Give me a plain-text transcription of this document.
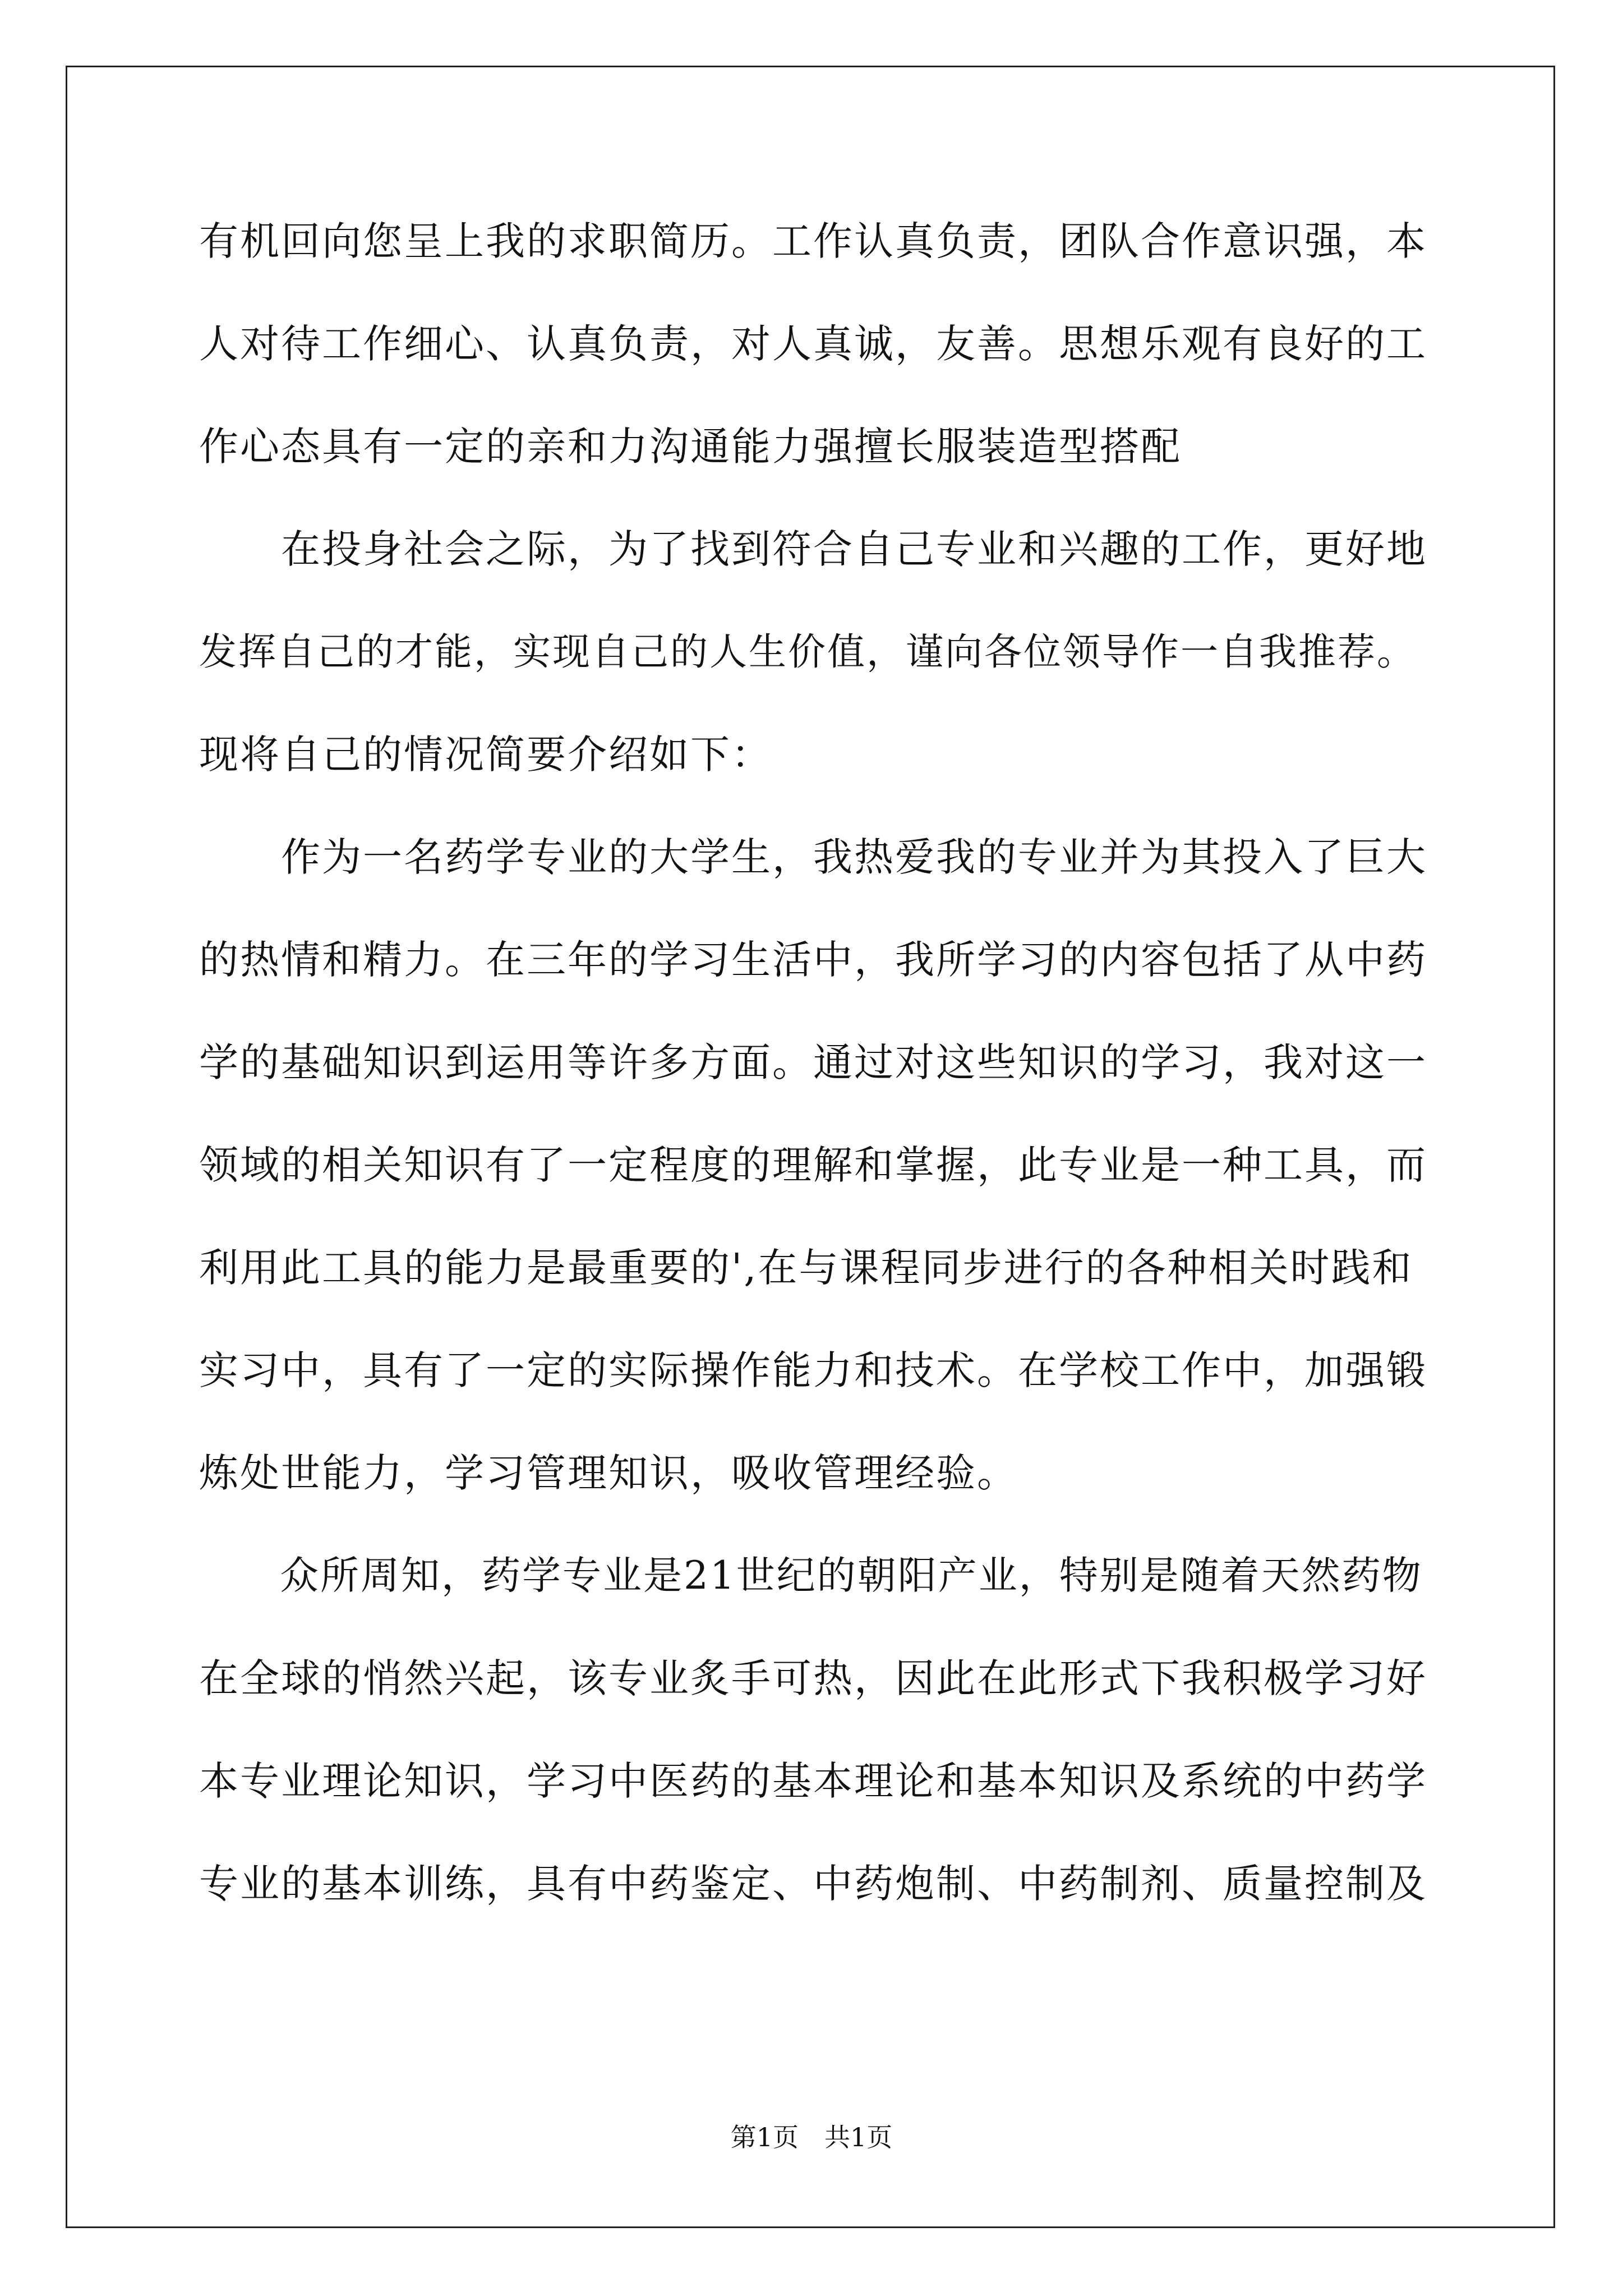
有机回向您呈上我的求职简历。工作认真负责，团队合作意识强，本
人对待工作细心、认真负责，对人真诚，友善。思想乐观有良好的工
作心态具有一定的亲和力沟通能力强擅长服装造型搭配
　　在投身社会之际，为了找到符合自己专业和兴趣的工作，更好地
发挥自己的才能，实现自己的人生价值，谨向各位领导作一自我推荐。
现将自己的情况简要介绍如下：
　　作为一名药学专业的大学生，我热爱我的专业并为其投入了巨大
的热情和精力。在三年的学习生活中，我所学习的内容包括了从中药
学的基础知识到运用等许多方面。通过对这些知识的学习，我对这一
领域的相关知识有了一定程度的理解和掌握，此专业是一种工具，而
利用此工具的能力是最重要的',在与课程同步进行的各种相关时践和
实习中，具有了一定的实际操作能力和技术。在学校工作中，加强锻
炼处世能力，学习管理知识，吸收管理经验。
　　众所周知，药学专业是21世纪的朝阳产业，特别是随着天然药物
在全球的悄然兴起，该专业炙手可热，因此在此形式下我积极学习好
本专业理论知识，学习中医药的基本理论和基本知识及系统的中药学
专业的基本训练，具有中药鉴定、中药炮制、中药制剂、质量控制及
第1页　共1页
